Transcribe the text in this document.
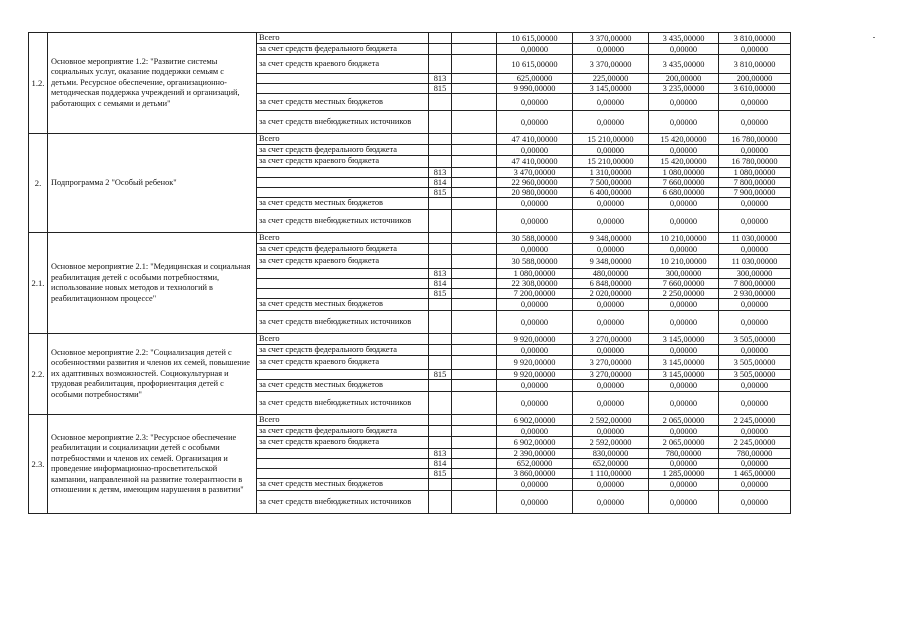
1.2.	Основное мероприятие 1.2: "Развитие системы социальных услуг, оказание поддержки семьям с детьми. Ресурсное обеспечение, организационно-методическая поддержка учреждений и организаций, работающих с семьями и детьми"	Всего			10 615,00000	3 370,00000	3 435,00000	3 810,00000
		за счет средств федерального бюджета			0,00000	0,00000	0,00000	0,00000
		за счет средств краевого бюджета			10 615,00000	3 370,00000	3 435,00000	3 810,00000
			813		625,00000	225,00000	200,00000	200,00000
			815		9 990,00000	3 145,00000	3 235,00000	3 610,00000
		за счет средств местных бюджетов			0,00000	0,00000	0,00000	0,00000
		за счет средств внебюджетных источников			0,00000	0,00000	0,00000	0,00000
2.	Подпрограмма 2 "Особый ребенок"	Всего			47 410,00000	15 210,00000	15 420,00000	16 780,00000
		за счет средств федерального бюджета			0,00000	0,00000	0,00000	0,00000
		за счет средств краевого бюджета			47 410,00000	15 210,00000	15 420,00000	16 780,00000
			813		3 470,00000	1 310,00000	1 080,00000	1 080,00000
			814		22 960,00000	7 500,00000	7 660,00000	7 800,00000
			815		20 980,00000	6 400,00000	6 680,00000	7 900,00000
		за счет средств местных бюджетов			0,00000	0,00000	0,00000	0,00000
		за счет средств внебюджетных источников			0,00000	0,00000	0,00000	0,00000
2.1.	Основное мероприятие 2.1: "Медицинская и социальная реабилитация детей с особыми потребностями, использование новых методов и технологий в реабилитационном процессе"	Всего			30 588,00000	9 348,00000	10 210,00000	11 030,00000
		за счет средств федерального бюджета			0,00000	0,00000	0,00000	0,00000
		за счет средств краевого бюджета			30 588,00000	9 348,00000	10 210,00000	11 030,00000
			813		1 080,00000	480,00000	300,00000	300,00000
			814		22 308,00000	6 848,00000	7 660,00000	7 800,00000
			815		7 200,00000	2 020,00000	2 250,00000	2 930,00000
		за счет средств местных бюджетов			0,00000	0,00000	0,00000	0,00000
		за счет средств внебюджетных источников			0,00000	0,00000	0,00000	0,00000
2.2.	Основное мероприятие 2.2: "Социализация детей с особенностями развития и членов их семей, повышение их адаптивных возможностей. Социокультурная и трудовая реабилитация, профориентация детей с особыми потребностями"	Всего			9 920,00000	3 270,00000	3 145,00000	3 505,00000
		за счет средств федерального бюджета			0,00000	0,00000	0,00000	0,00000
		за счет средств краевого бюджета			9 920,00000	3 270,00000	3 145,00000	3 505,00000
			815		9 920,00000	3 270,00000	3 145,00000	3 505,00000
		за счет средств местных бюджетов			0,00000	0,00000	0,00000	0,00000
		за счет средств внебюджетных источников			0,00000	0,00000	0,00000	0,00000
2.3.	Основное мероприятие 2.3: "Ресурсное обеспечение реабилитации и социализации детей с особыми потребностями и членов их семей. Организация и проведение информационно-просветительской кампании, направленной на развитие толерантности в отношении к детям, имеющим нарушения в развитии"	Всего			6 902,00000	2 592,00000	2 065,00000	2 245,00000
		за счет средств федерального бюджета			0,00000	0,00000	0,00000	0,00000
		за счет средств краевого бюджета			6 902,00000	2 592,00000	2 065,00000	2 245,00000
			813		2 390,00000	830,00000	780,00000	780,00000
			814		652,00000	652,00000	0,00000	0,00000
			815		3 860,00000	1 110,00000	1 285,00000	1 465,00000
		за счет средств местных бюджетов			0,00000	0,00000	0,00000	0,00000
		за счет средств внебюджетных источников			0,00000	0,00000	0,00000	0,00000
